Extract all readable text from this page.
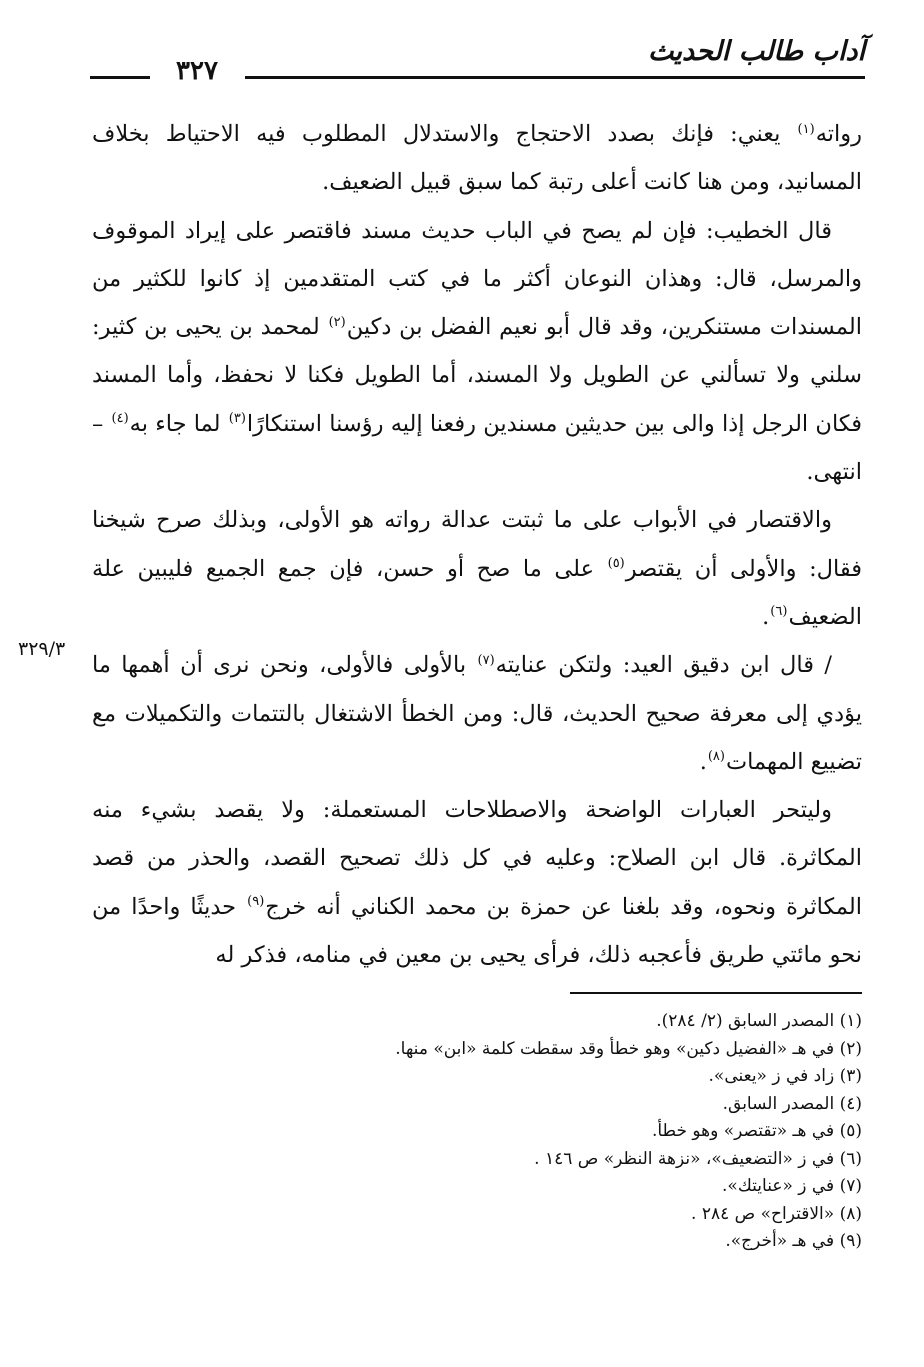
آداب طالب الحديث
٣٢٧
٣٢٩/٣

رواته$^{(١)}$ يعني: فإنك بصدد الاحتجاج والاستدلال المطلوب فيه الاحتياط بخلاف المسانيد، ومن هنا كانت أعلى رتبة كما سبق قبيل الضعيف.

قال الخطيب: فإن لم يصح في الباب حديث مسند فاقتصر على إيراد الموقوف والمرسل، قال: وهذان النوعان أكثر ما في كتب المتقدمين إذ كانوا للكثير من المسندات مستنكرين، وقد قال أبو نعيم الفضل بن دكين$^{(٢)}$ لمحمد بن يحيى بن كثير: سلني ولا تسألني عن الطويل ولا المسند، أما الطويل فكنا لا نحفظ، وأما المسند فكان الرجل إذا والى بين حديثين مسندين رفعنا إليه رؤسنا استنكارًا$^{(٣)}$ لما جاء به$^{(٤)}$ – انتهى.

والاقتصار في الأبواب على ما ثبتت عدالة رواته هو الأولى، وبذلك صرح شيخنا فقال: والأولى أن يقتصر$^{(٥)}$ على ما صح أو حسن، فإن جمع الجميع فليبين علة الضعيف$^{(٦)}$.

/ قال ابن دقيق العيد: ولتكن عنايته$^{(٧)}$ بالأولى فالأولى، ونحن نرى أن أهمها ما يؤدي إلى معرفة صحيح الحديث، قال: ومن الخطأ الاشتغال بالتتمات والتكميلات مع تضييع المهمات$^{(٨)}$.

وليتحر العبارات الواضحة والاصطلاحات المستعملة: ولا يقصد بشيء منه المكاثرة. قال ابن الصلاح: وعليه في كل ذلك تصحيح القصد، والحذر من قصد المكاثرة ونحوه، وقد بلغنا عن حمزة بن محمد الكناني أنه خرج$^{(٩)}$ حديثًا واحدًا من نحو مائتي طريق فأعجبه ذلك، فرأى يحيى بن معين في منامه، فذكر له

(١) المصدر السابق (٢/ ٢٨٤).
(٢) في هـ «الفضيل دكين» وهو خطأ وقد سقطت كلمة «ابن» منها.
(٣) زاد في ز «يعنى».
(٤) المصدر السابق.
(٥) في هـ «تقتصر» وهو خطأ.
(٦) في ز «التضعيف»، «نزهة النظر» ص ١٤٦ .
(٧) في ز «عنايتك».
(٨) «الاقتراح» ص ٢٨٤ .
(٩) في هـ «أخرج».
